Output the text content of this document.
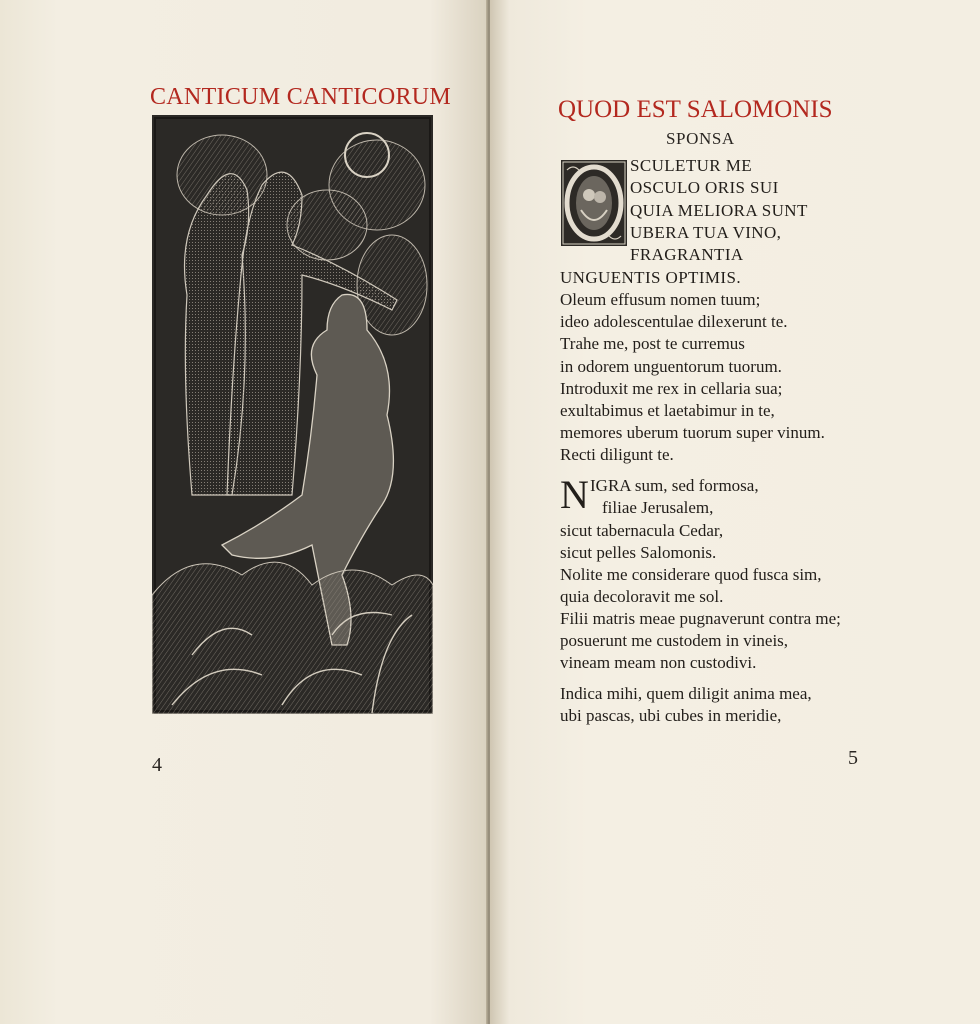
CANTICUM CANTICORUM
4
QUOD EST SALOMONIS
SPONSA
SCULETUR ME
OSCULO ORIS SUI
QUIA MELIORA SUNT
UBERA TUA VINO,
FRAGRANTIA
UNGUENTIS OPTIMIS.
Oleum effusum nomen tuum;
ideo adolescentulae dilexerunt te.
Trahe me, post te curremus
in odorem unguentorum tuorum.
Introduxit me rex in cellaria sua;
exultabimus et laetabimur in te,
memores uberum tuorum super vinum.
Recti diligunt te.
N IGRA sum, sed formosa,
filiae Jerusalem,
sicut tabernacula Cedar,
sicut pelles Salomonis.
Nolite me considerare quod fusca sim,
quia decoloravit me sol.
Filii matris meae pugnaverunt contra me;
posuerunt me custodem in vineis,
vineam meam non custodivi.
Indica mihi, quem diligit anima mea,
ubi pascas, ubi cubes in meridie,
5
